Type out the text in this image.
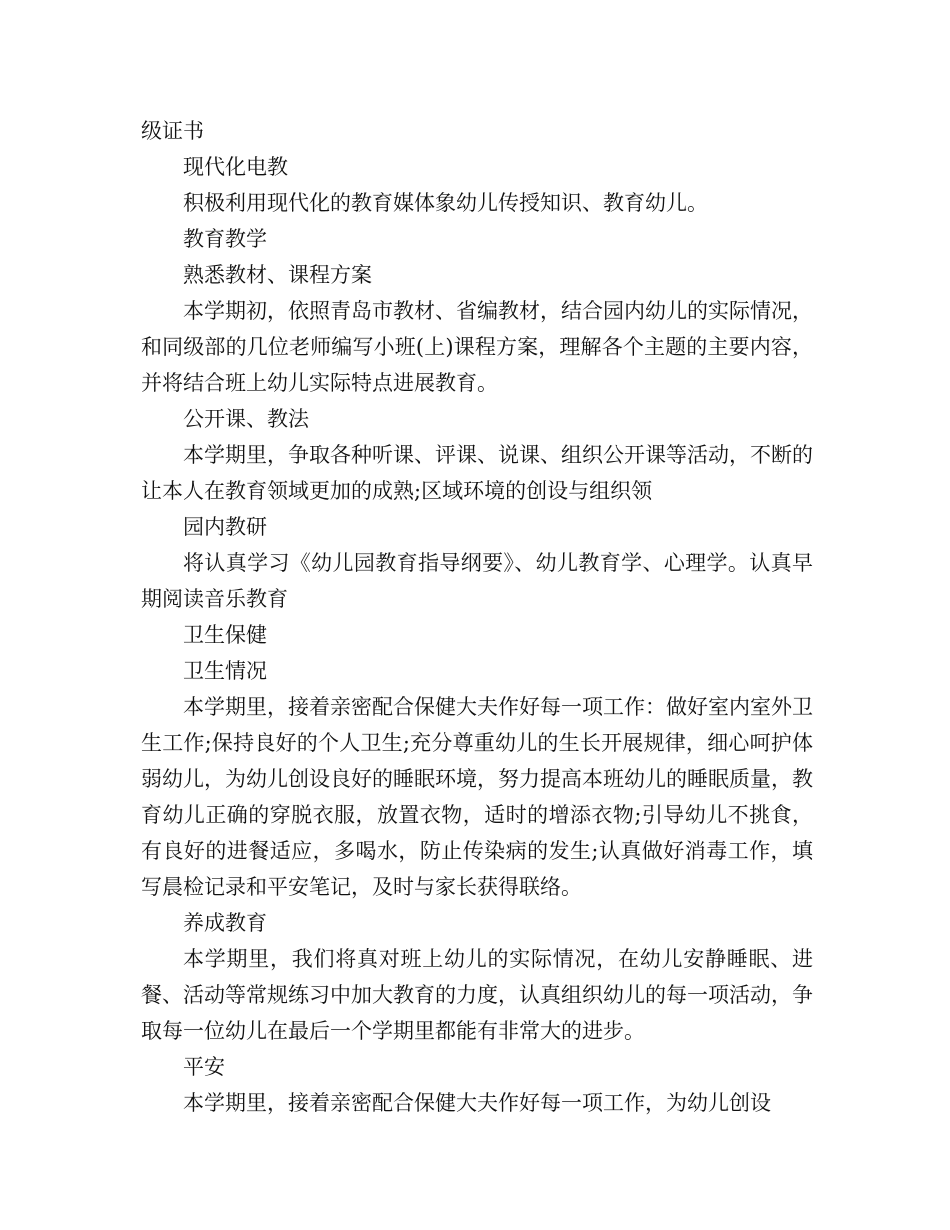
级证书

现代化电教

积极利用现代化的教育媒体象幼儿传授知识、教育幼儿。

教育教学

熟悉教材、课程方案

本学期初，依照青岛市教材、省编教材，结合园内幼儿的实际情况，和同级部的几位老师编写小班(上)课程方案，理解各个主题的主要内容，并将结合班上幼儿实际特点进展教育。

公开课、教法

本学期里，争取各种听课、评课、说课、组织公开课等活动，不断的让本人在教育领域更加的成熟;区域环境的创设与组织领

园内教研

将认真学习《幼儿园教育指导纲要》、幼儿教育学、心理学。认真早期阅读音乐教育

卫生保健

卫生情况

本学期里，接着亲密配合保健大夫作好每一项工作：做好室内室外卫生工作;保持良好的个人卫生;充分尊重幼儿的生长开展规律，细心呵护体弱幼儿，为幼儿创设良好的睡眠环境，努力提高本班幼儿的睡眠质量，教育幼儿正确的穿脱衣服，放置衣物，适时的增添衣物;引导幼儿不挑食，有良好的进餐适应，多喝水，防止传染病的发生;认真做好消毒工作，填写晨检记录和平安笔记，及时与家长获得联络。

养成教育

本学期里，我们将真对班上幼儿的实际情况，在幼儿安静睡眠、进餐、活动等常规练习中加大教育的力度，认真组织幼儿的每一项活动，争取每一位幼儿在最后一个学期里都能有非常大的进步。

平安

本学期里，接着亲密配合保健大夫作好每一项工作，为幼儿创设
